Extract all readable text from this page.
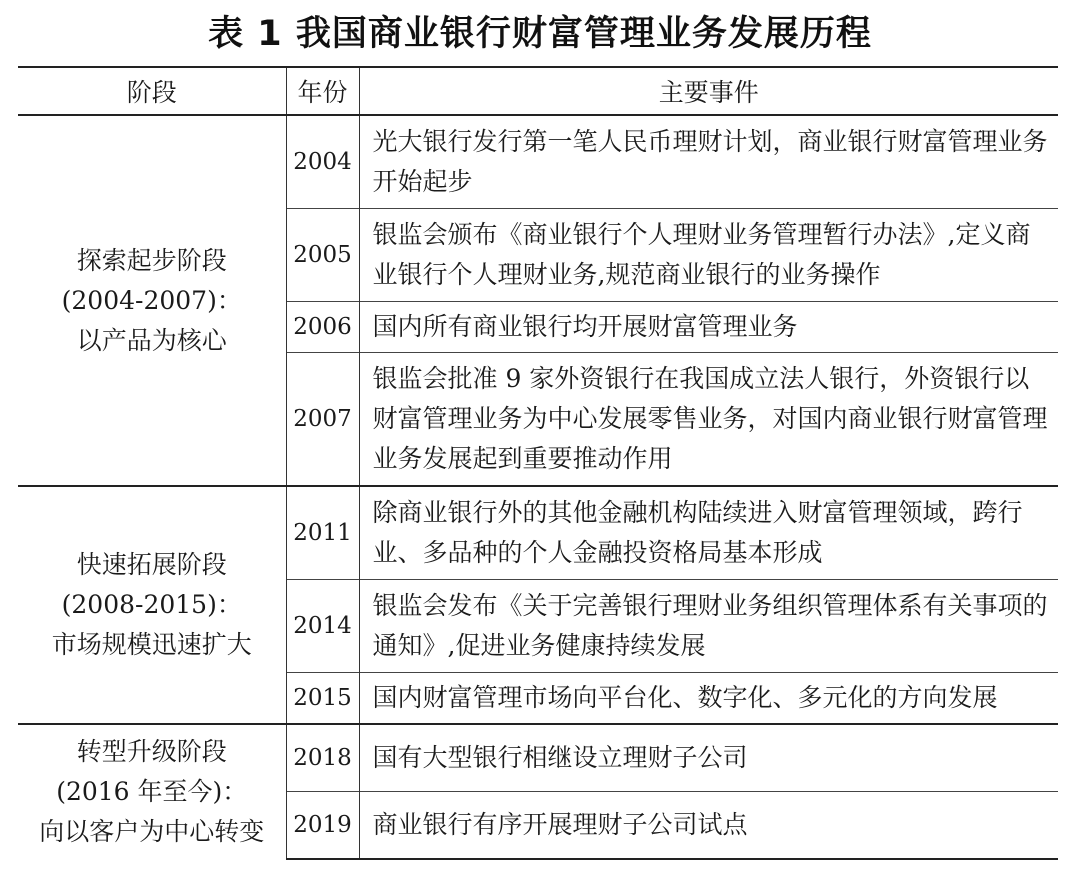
表 1 我国商业银行财富管理业务发展历程
阶段	年份	主要事件

探索起步阶段
(2004-2007)：
以产品为核心	2004	光大银行发行第一笔人民币理财计划，商业银行财富管理业务开始起步
	2005	银监会颁布《商业银行个人理财业务管理暂行办法》,定义商业银行个人理财业务,规范商业银行的业务操作
	2006	国内所有商业银行均开展财富管理业务
	2007	银监会批准 9 家外资银行在我国成立法人银行，外资银行以财富管理业务为中心发展零售业务，对国内商业银行财富管理业务发展起到重要推动作用

快速拓展阶段
(2008-2015)：
市场规模迅速扩大	2011	除商业银行外的其他金融机构陆续进入财富管理领域，跨行业、多品种的个人金融投资格局基本形成
	2014	银监会发布《关于完善银行理财业务组织管理体系有关事项的通知》,促进业务健康持续发展
	2015	国内财富管理市场向平台化、数字化、多元化的方向发展

转型升级阶段
(2016 年至今)：
向以客户为中心转变	2018	国有大型银行相继设立理财子公司
	2019	商业银行有序开展理财子公司试点
